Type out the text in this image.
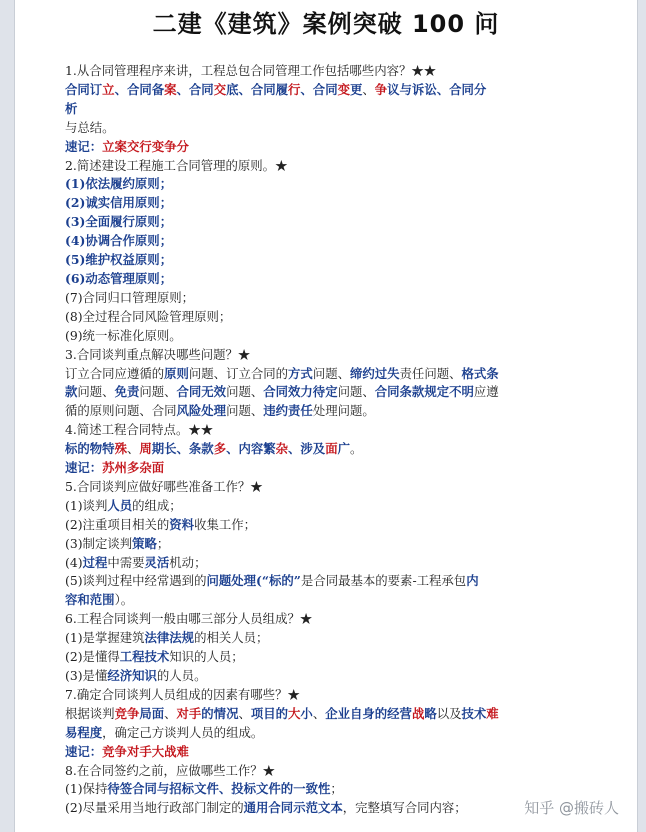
二建《建筑》案例突破 100 问
1.从合同管理程序来讲，工程总包合同管理工作包括哪些内容？★★
合同订立、合同备案、合同交底、合同履行、合同变更、争议与诉讼、合同分
析
与总结。
速记：立案交行变争分
2.简述建设工程施工合同管理的原则。★
(1)依法履约原则；
(2)诚实信用原则；
(3)全面履行原则；
(4)协调合作原则；
(5)维护权益原则；
(6)动态管理原则；
(7)合同归口管理原则；
(8)全过程合同风险管理原则；
(9)统一标准化原则。
3.合同谈判重点解决哪些问题？★
订立合同应遵循的原则问题、订立合同的方式问题、缔约过失责任问题、格式条
款问题、免责问题、合同无效问题、合同效力待定问题、合同条款规定不明应遵
循的原则问题、合同风险处理问题、违约责任处理问题。
4.简述工程合同特点。★★
标的物特殊、周期长、条款多、内容繁杂、涉及面广。
速记：苏州多杂面
5.合同谈判应做好哪些准备工作？★
(1)谈判人员的组成；
(2)注重项目相关的资料收集工作；
(3)制定谈判策略；
(4)过程中需要灵活机动；
(5)谈判过程中经常遇到的问题处理(“标的”是合同最基本的要素-工程承包内
容和范围）。
6.工程合同谈判一般由哪三部分人员组成？★
(1)是掌握建筑法律法规的相关人员；
(2)是懂得工程技术知识的人员；
(3)是懂经济知识的人员。
7.确定合同谈判人员组成的因素有哪些？★
根据谈判竞争局面、对手的情况、项目的大小、企业自身的经营战略以及技术难
易程度，确定己方谈判人员的组成。
速记：竞争对手大战难
8.在合同签约之前，应做哪些工作？★
(1)保持待签合同与招标文件、投标文件的一致性；
(2)尽量采用当地行政部门制定的通用合同示范文本，完整填写合同内容；	知乎 @搬砖人
